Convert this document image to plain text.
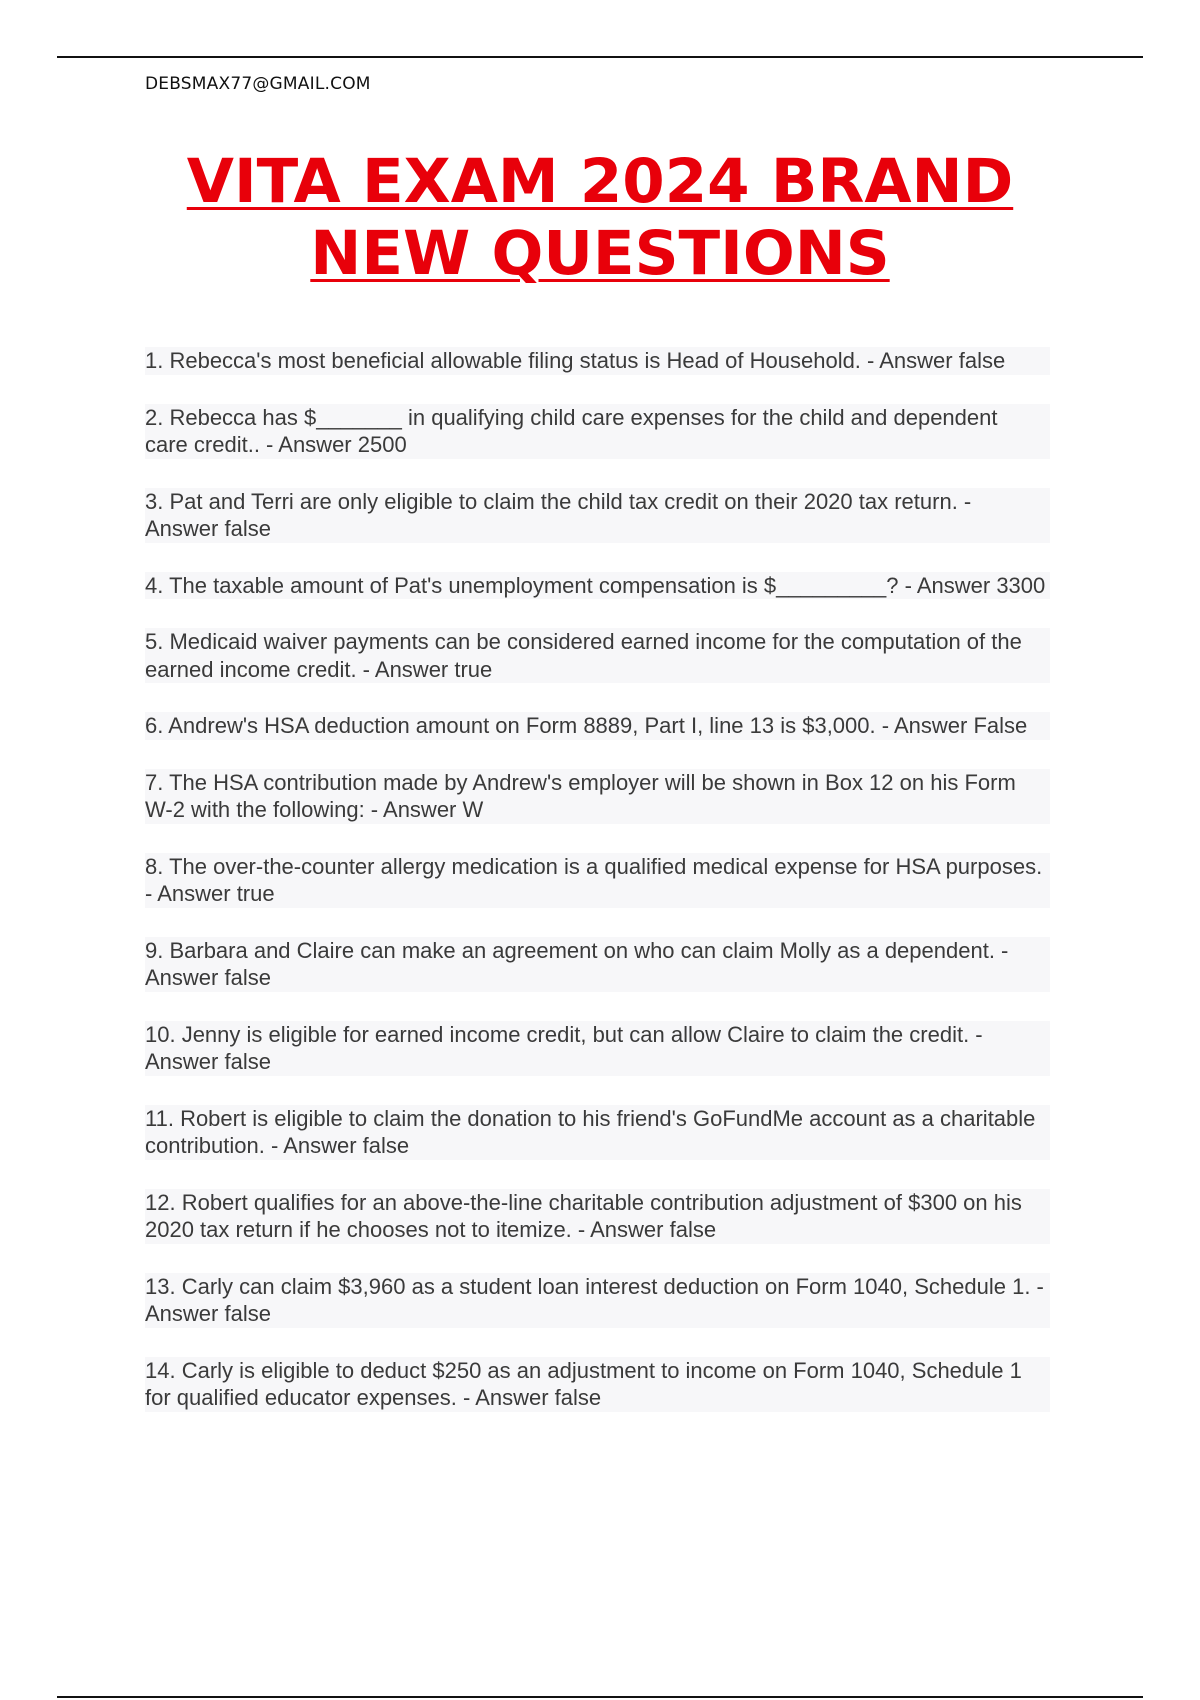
DEBSMAX77@GMAIL.COM
VITA EXAM 2024 BRAND
NEW QUESTIONS
1. Rebecca's most beneficial allowable filing status is Head of Household. - Answer false
2. Rebecca has $_______ in qualifying child care expenses for the child and dependent care credit.. - Answer 2500
3. Pat and Terri are only eligible to claim the child tax credit on their 2020 tax return. - Answer false
4. The taxable amount of Pat's unemployment compensation is $_________? - Answer 3300
5. Medicaid waiver payments can be considered earned income for the computation of the earned income credit. - Answer true
6. Andrew's HSA deduction amount on Form 8889, Part I, line 13 is $3,000. - Answer False
7. The HSA contribution made by Andrew's employer will be shown in Box 12 on his Form W-2 with the following: - Answer W
8. The over-the-counter allergy medication is a qualified medical expense for HSA purposes. - Answer true
9. Barbara and Claire can make an agreement on who can claim Molly as a dependent. - Answer false
10. Jenny is eligible for earned income credit, but can allow Claire to claim the credit. - Answer false
11. Robert is eligible to claim the donation to his friend's GoFundMe account as a charitable contribution. - Answer false
12. Robert qualifies for an above-the-line charitable contribution adjustment of $300 on his 2020 tax return if he chooses not to itemize. - Answer false
13. Carly can claim $3,960 as a student loan interest deduction on Form 1040, Schedule 1. - Answer false
14. Carly is eligible to deduct $250 as an adjustment to income on Form 1040, Schedule 1 for qualified educator expenses. - Answer false
